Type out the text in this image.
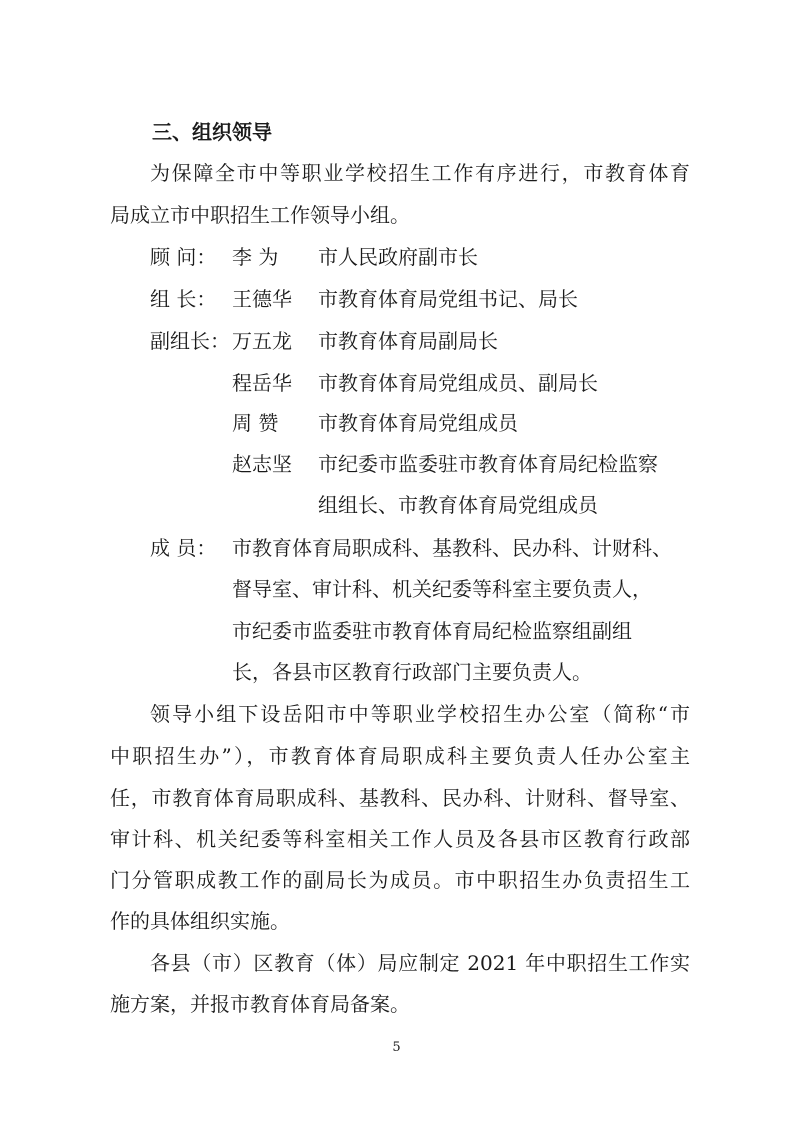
三、组织领导
为保障全市中等职业学校招生工作有序进行，市教育体育
局成立市中职招生工作领导小组。
顾 问： 李 为 市人民政府副市长
组 长： 王德华 市教育体育局党组书记、局长
副组长： 万五龙 市教育体育局副局长
程岳华 市教育体育局党组成员、副局长
周 赞 市教育体育局党组成员
赵志坚 市纪委市监委驻市教育体育局纪检监察
组组长、市教育体育局党组成员
成 员： 市教育体育局职成科、基教科、民办科、计财科、
督导室、审计科、机关纪委等科室主要负责人，
市纪委市监委驻市教育体育局纪检监察组副组
长，各县市区教育行政部门主要负责人。
领导小组下设岳阳市中等职业学校招生办公室（简称“市
中职招生办”），市教育体育局职成科主要负责人任办公室主
任，市教育体育局职成科、基教科、民办科、计财科、督导室、
审计科、机关纪委等科室相关工作人员及各县市区教育行政部
门分管职成教工作的副局长为成员。市中职招生办负责招生工
作的具体组织实施。
各县（市）区教育（体）局应制定 2021 年中职招生工作实
施方案，并报市教育体育局备案。
5
